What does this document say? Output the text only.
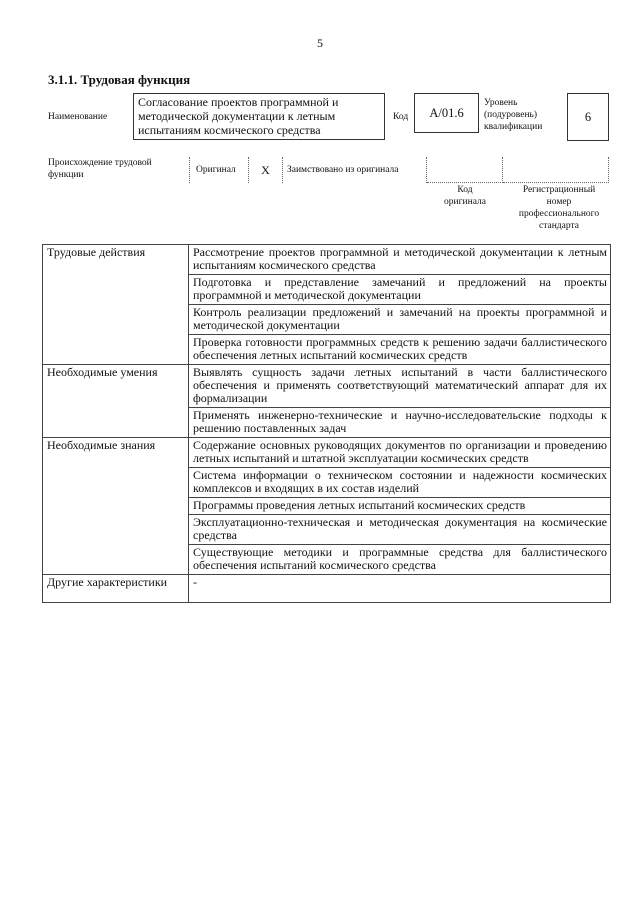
5
3.1.1. Трудовая функция
Наименование
Согласование проектов программной и методической документации к летным испытаниям космического средства
Код	A/01.6
Уровень
(подуровень)
квалификации
6
Происхождение трудовой
функции	Оригинал X Заимствовано из оригинала
Код
оригинала
Регистрационный
номер
профессионального
стандарта
Трудовые действия	Рассмотрение проектов программной и методической документации к летным испытаниям космического средства
	Подготовка и представление замечаний и предложений на проекты программной и методической документации
	Контроль реализации предложений и замечаний на проекты программной и методической документации
	Проверка готовности программных средств к решению задачи баллистического обеспечения летных испытаний космических средств
Необходимые умения	Выявлять сущность задачи летных испытаний в части баллистического обеспечения и применять соответствующий математический аппарат для их формализации
	Применять инженерно-технические и научно-исследовательские подходы к решению поставленных задач
Необходимые знания	Содержание основных руководящих документов по организации и проведению летных испытаний и штатной эксплуатации космических средств
	Система информации о техническом состоянии и надежности космических комплексов и входящих в их состав изделий
	Программы проведения летных испытаний космических средств
	Эксплуатационно-техническая и методическая документация на космические средства
	Существующие методики и программные средства для баллистического обеспечения испытаний космического средства
Другие характеристики	-
